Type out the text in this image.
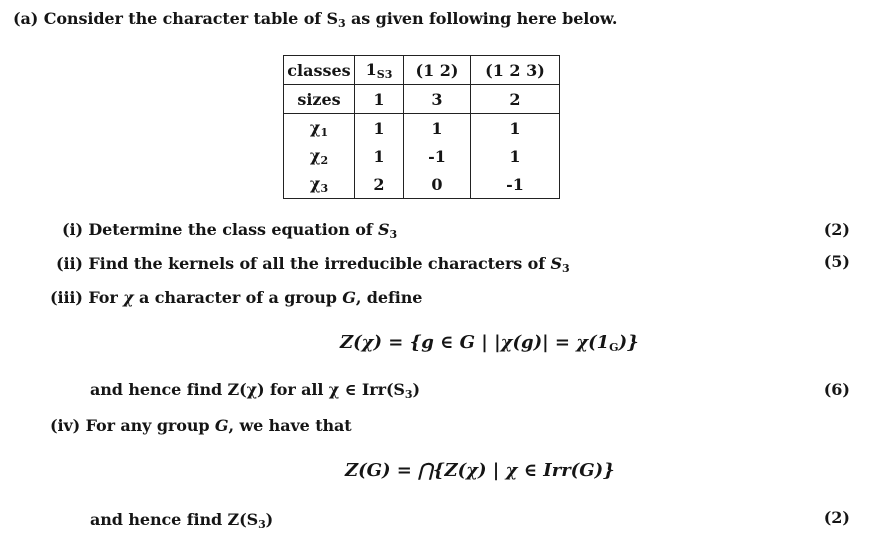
(a) Consider the character table of $S_3$ as given following here below.
classes	$1_{S3}$	(1 2)	(1 2 3)
sizes	1	3	2
$\chi_1$	1	1	1
$\chi_2$	1	-1	1
$\chi_3$	2	0	-1
(i) Determine the class equation of $S_3$	(2)
(ii) Find the kernels of all the irreducible characters of $S_3$	(5)
(iii) For χ a character of a group G, define
Z(χ) = {g ∈ G | $|\chi(g)| = \chi(1_G)$}
and hence find Z(χ) for all χ ∈ $Irr(S_3)$	(6)
(iv) For any group G, we have that
Z(G) = ⋂{Z(χ) | χ ∈ Irr(G)}
and hence find $Z(S_3)$	(2)
